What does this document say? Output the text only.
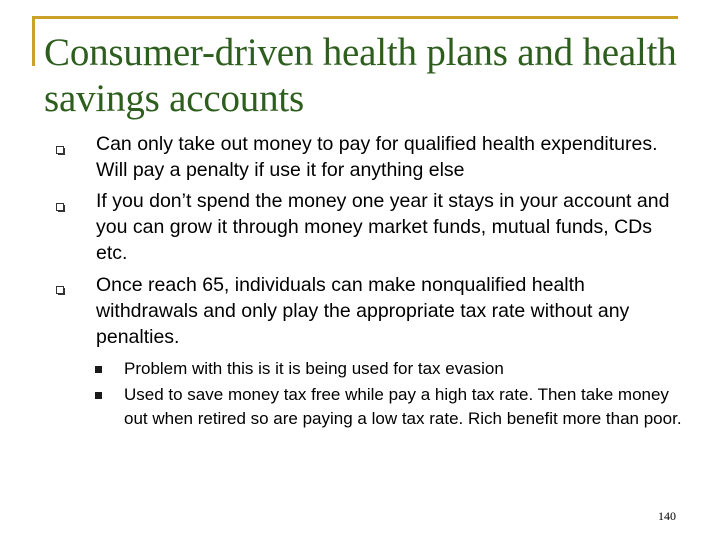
Consumer-driven health plans and health savings accounts
Can only take out money to pay for qualified health expenditures. Will pay a penalty if use it for anything else
If you don’t spend the money one year it stays in your account and you can grow it through money market funds, mutual funds, CDs etc.
Once reach 65, individuals can make nonqualified health withdrawals and only play the appropriate tax rate without any penalties.
Problem with this is it is being used for tax evasion
Used to save money tax free while pay a high tax rate. Then take money out when retired so are paying a low tax rate. Rich benefit more than poor.
140
